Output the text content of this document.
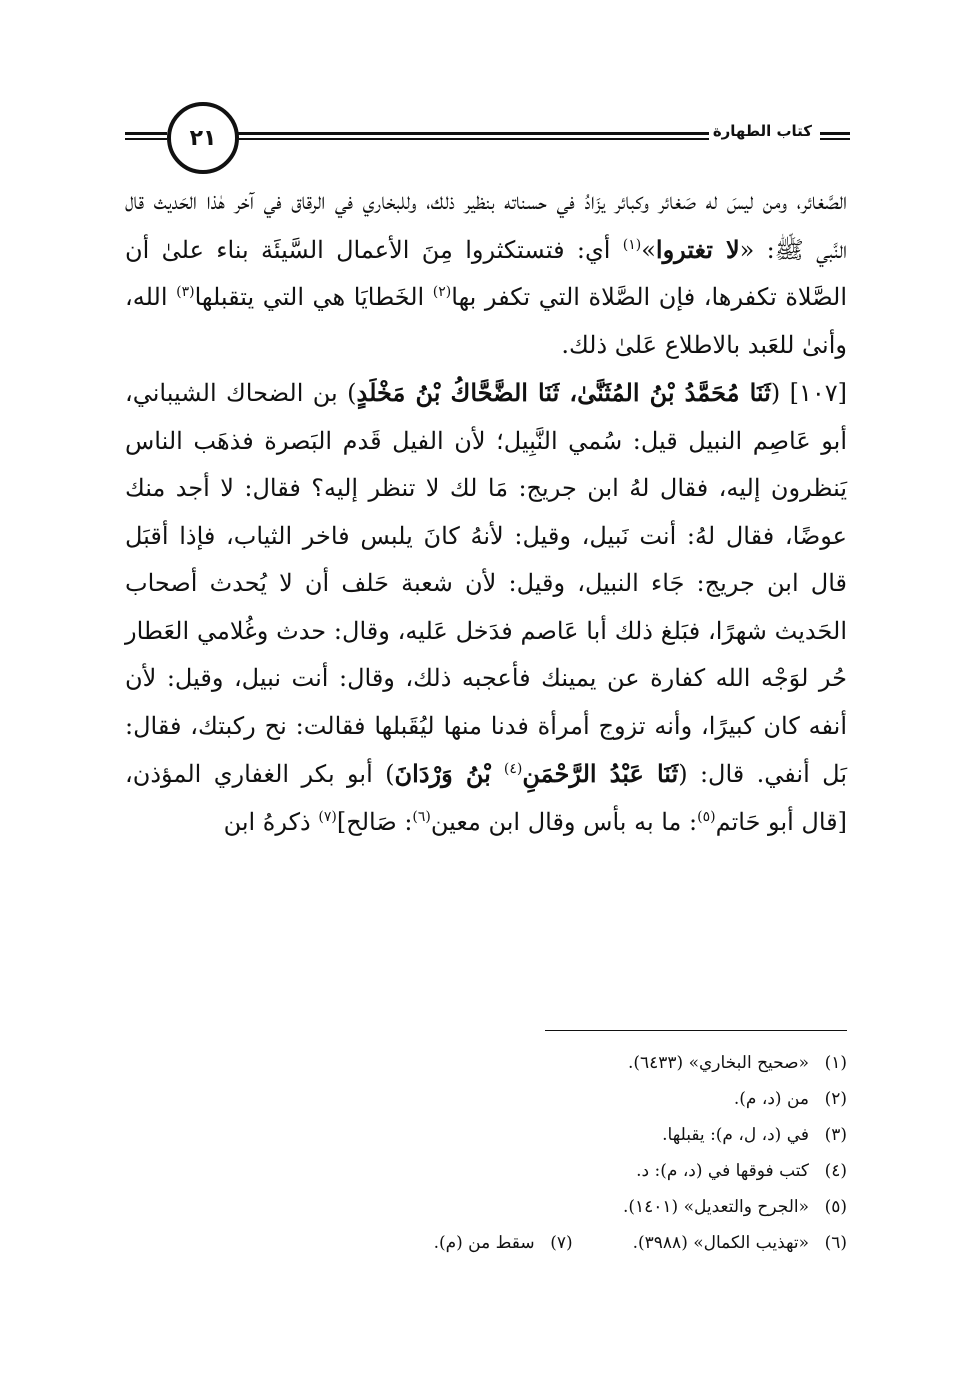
٢١	كتاب الطهارة

الصَّغائر، ومن ليسَ له صَغائر وكبائر يزَادُ في حسناته بنظير ذلك، وللبخاري في الرقاق في آخر هٰذا الحَديث قال النَّبي ﷺ: «لا تغتروا»$^{(١)}$ أي: فتستكثروا مِنَ الأعمال السَّيئَة بناء علىٰ أن الصَّلاة تكفرها، فإن الصَّلاة التي تكفر بها$^{(٢)}$ الخَطايَا هي التي يتقبلها$^{(٣)}$ الله، وأنىٰ للعَبد بالاطلاع عَلىٰ ذلك.

[١٠٧] (ثَنَا مُحَمَّدُ بْنُ المُثَنَّىٰ، ثَنَا الضَّحَّاكُ بْنُ مَخْلَدٍ) بن الضحاك الشيباني، أبو عَاصِم النبيل قيل: سُمي النَّبِيل؛ لأن الفيل قَدم البَصرة فذهَب الناس يَنظرون إليه، فقال لهُ ابن جريج: مَا لك لا تنظر إليه؟ فقال: لا أجد منك عوضًا، فقال لهُ: أنت نَبيل، وقيل: لأنهُ كانَ يلبس فاخر الثياب، فإذا أقبَل قال ابن جريج: جَاء النبيل، وقيل: لأن شعبة حَلف أن لا يُحدث أصحاب الحَديث شهرًا، فبَلغ ذلك أبا عَاصم فدَخل عَليه، وقال: حدث وغُلامي العَطار حُر لوَجْه الله كفارة عن يمينك فأعجبه ذلك، وقال: أنت نبيل، وقيل: لأن أنفه كان كبيرًا، وأنه تزوج أمرأة فدنا منها ليُقَبلها فقالت: نح ركبتك، فقال: بَل أنفي. قال: (ثَنَا عَبْدُ الرَّحْمَنِ$^{(٤)}$ بْنُ وَرْدَانَ) أبو بكر الغفاري المؤذن، [قال أبو حَاتم$^{(٥)}$: ما به بأس وقال ابن معين$^{(٦)}$: صَالح]$^{(٧)}$ ذكرهُ ابن

(١)«صحيح البخاري» (٦٤٣٣).
(٢)من (د، م).
(٣)في (د، ل، م): يقبلها.
(٤)كتب فوقها في (د، م): د.
(٥)«الجرح والتعديل» (١٤٠١).
(٦)«تهذيب الكمال» (٣٩٨٨).
(٧)سقط من (م).
